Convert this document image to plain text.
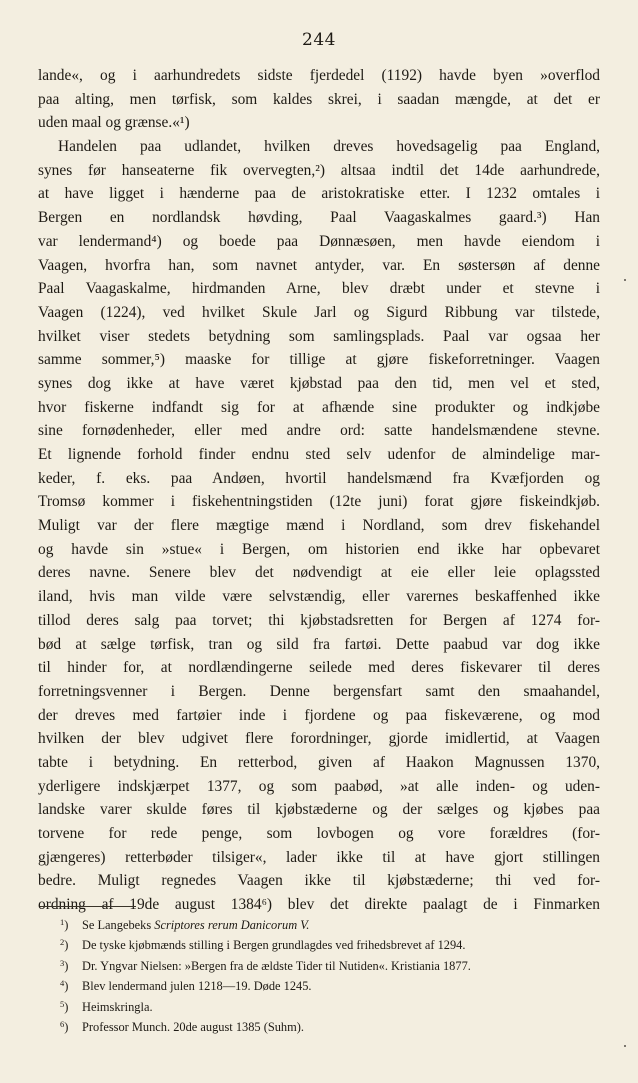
244
lande«, og i aarhundredets sidste fjerdedel (1192) havde byen »overflod
paa alting, men tørfisk, som kaldes skrei, i saadan mængde, at det er
uden maal og grænse.«¹)
Handelen paa udlandet, hvilken dreves hovedsagelig paa England,
synes før hanseaterne fik overvegten,²) altsaa indtil det 14de aarhundrede,
at have ligget i hænderne paa de aristokratiske etter. I 1232 omtales i
Bergen en nordlandsk høvding, Paal Vaagaskalmes gaard.³) Han
var lendermand⁴) og boede paa Dønnæsøen, men havde eiendom i
Vaagen, hvorfra han, som navnet antyder, var. En søstersøn af denne
Paal Vaagaskalme, hirdmanden Arne, blev dræbt under et stevne i
Vaagen (1224), ved hvilket Skule Jarl og Sigurd Ribbung var tilstede,
hvilket viser stedets betydning som samlingsplads. Paal var ogsaa her
samme sommer,⁵) maaske for tillige at gjøre fiskeforretninger. Vaagen
synes dog ikke at have været kjøbstad paa den tid, men vel et sted,
hvor fiskerne indfandt sig for at afhænde sine produkter og indkjøbe
sine fornødenheder, eller med andre ord: satte handelsmændene stevne.
Et lignende forhold finder endnu sted selv udenfor de almindelige mar-
keder, f. eks. paa Andøen, hvortil handelsmænd fra Kvæfjorden og
Tromsø kommer i fiskehentningstiden (12te juni) forat gjøre fiskeindkjøb.
Muligt var der flere mægtige mænd i Nordland, som drev fiskehandel
og havde sin »stue« i Bergen, om historien end ikke har opbevaret
deres navne. Senere blev det nødvendigt at eie eller leie oplagssted
iland, hvis man vilde være selvstændig, eller varernes beskaffenhed ikke
tillod deres salg paa torvet; thi kjøbstadsretten for Bergen af 1274 for-
bød at sælge tørfisk, tran og sild fra fartøi. Dette paabud var dog ikke
til hinder for, at nordlændingerne seilede med deres fiskevarer til deres
forretningsvenner i Bergen. Denne bergensfart samt den smaahandel,
der dreves med fartøier inde i fjordene og paa fiskeværene, og mod
hvilken der blev udgivet flere forordninger, gjorde imidlertid, at Vaagen
tabte i betydning. En retterbod, given af Haakon Magnussen 1370,
yderligere indskjærpet 1377, og som paabød, »at alle inden- og uden-
landske varer skulde føres til kjøbstæderne og der sælges og kjøbes paa
torvene for rede penge, som lovbogen og vore forældres (for-
gjængeres) retterbøder tilsiger«, lader ikke til at have gjort stillingen
bedre. Muligt regnedes Vaagen ikke til kjøbstæderne; thi ved for-
ordning af 19de august 1384⁶) blev det direkte paalagt de i Finmarken
$^1$) Se Langebeks Scriptores rerum Danicorum V.
$^2$) De tyske kjøbmænds stilling i Bergen grundlagdes ved frihedsbrevet af 1294.
$^3$) Dr. Yngvar Nielsen: »Bergen fra de ældste Tider til Nutiden«. Kristiania 1877.
$^4$) Blev lendermand julen 1218—19. Døde 1245.
$^5$) Heimskringla.
$^6$) Professor Munch. 20de august 1385 (Suhm).
